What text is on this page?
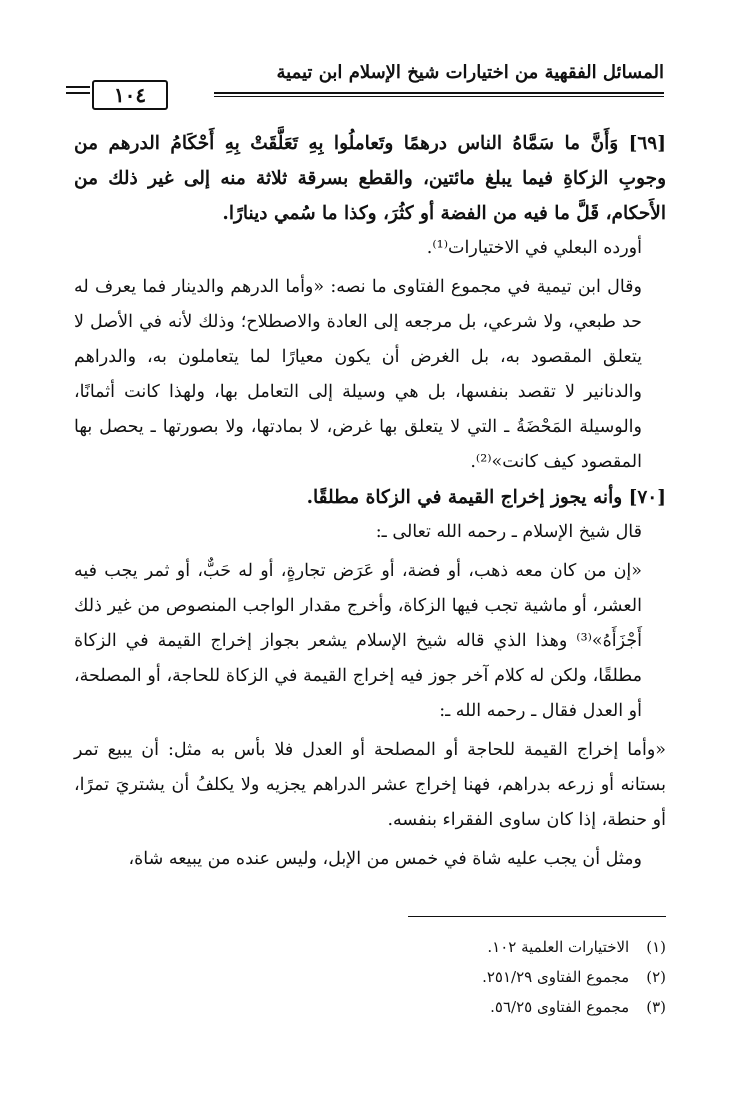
المسائل الفقهية من اختيارات شيخ الإسلام ابن تيمية
١٠٤

[٦٩] وَأَنَّ ما سَمَّاهُ الناس درهمًا وتَعاملُوا بِهِ تَعَلَّقَتْ بِهِ أَحْكَامُ الدرهم من وجوبِ الزكاةِ فيما يبلغ مائتين، والقطع بسرقة ثلاثة منه إلى غير ذلك من الأَحكام، قَلَّ ما فيه من الفضة أو كثُرَ، وكذا ما سُمي دينارًا.

أورده البعلي في الاختيارات⁽¹⁾.

وقال ابن تيمية في مجموع الفتاوى ما نصه: «وأما الدرهم والدينار فما يعرف له حد طبعي، ولا شرعي، بل مرجعه إلى العادة والاصطلاح؛ وذلك لأنه في الأصل لا يتعلق المقصود به، بل الغرض أن يكون معيارًا لما يتعاملون به، والدراهم والدنانير لا تقصد بنفسها، بل هي وسيلة إلى التعامل بها، ولهذا كانت أثمانًا، والوسيلة المَحْضَةُ ـ التي لا يتعلق بها غرض، لا بمادتها، ولا بصورتها ـ يحصل بها المقصود كيف كانت»⁽²⁾.

[٧٠] وأنه يجوز إخراج القيمة في الزكاة مطلقًا.

قال شيخ الإسلام ـ رحمه الله تعالى ـ:

«إن من كان معه ذهب، أو فضة، أو عَرَض تجارةٍ، أو له حَبٌّ، أو ثمر يجب فيه العشر، أو ماشية تجب فيها الزكاة، وأخرج مقدار الواجب المنصوص من غير ذلك أَجْزَأَهُ»⁽³⁾ وهذا الذي قاله شيخ الإسلام يشعر بجواز إخراج القيمة في الزكاة مطلقًا، ولكن له كلام آخر جوز فيه إخراج القيمة في الزكاة للحاجة، أو المصلحة، أو العدل فقال ـ رحمه الله ـ:

«وأما إخراج القيمة للحاجة أو المصلحة أو العدل فلا بأس به مثل: أن يبيع تمر بستانه أو زرعه بدراهم، فهنا إخراج عشر الدراهم يجزيه ولا يكلفُ أن يشتريَ تمرًا، أو حنطة، إذا كان ساوى الفقراء بنفسه.

ومثل أن يجب عليه شاة في خمس من الإبل، وليس عنده من يبيعه شاة،

(١) الاختيارات العلمية ١٠٢.

(٢) مجموع الفتاوى ٢٥١/٢٩.

(٣) مجموع الفتاوى ٥٦/٢٥.
